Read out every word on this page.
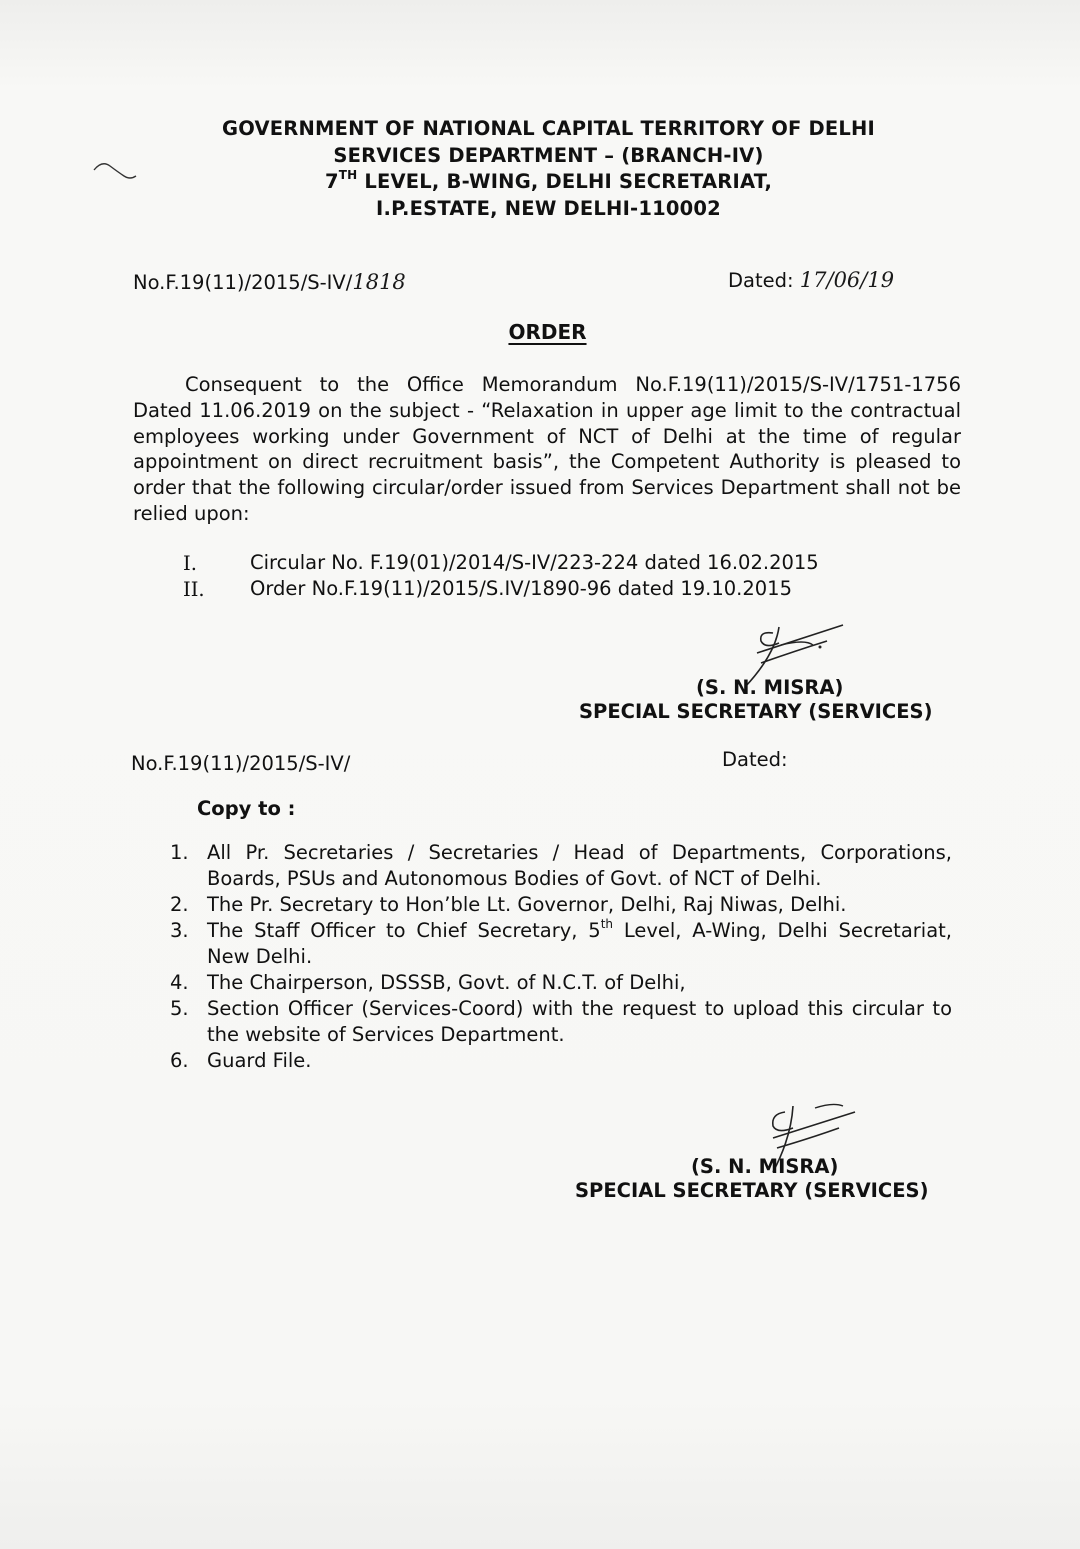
GOVERNMENT OF NATIONAL CAPITAL TERRITORY OF DELHI
SERVICES DEPARTMENT – (BRANCH-IV)
7TH LEVEL, B-WING, DELHI SECRETARIAT,
I.P.ESTATE, NEW DELHI-110002
No.F.19(11)/2015/S-IV/1818	Dated: 17/06/19
ORDER
Consequent to the Office Memorandum No.F.19(11)/2015/S-IV/1751-1756 Dated 11.06.2019 on the subject - “Relaxation in upper age limit to the contractual employees working under Government of NCT of Delhi at the time of regular appointment on direct recruitment basis”, the Competent Authority is pleased to order that the following circular/order issued from Services Department shall not be relied upon:
I.	Circular No. F.19(01)/2014/S-IV/223-224 dated 16.02.2015
II. Order No.F.19(11)/2015/S.IV/1890-96 dated 19.10.2015
(S. N. MISRA)
SPECIAL SECRETARY (SERVICES)
No.F.19(11)/2015/S-IV/	Dated:
Copy to :
1. All Pr. Secretaries / Secretaries / Head of Departments, Corporations, Boards, PSUs and Autonomous Bodies of Govt. of NCT of Delhi.
2. The Pr. Secretary to Hon’ble Lt. Governor, Delhi, Raj Niwas, Delhi.
3. The Staff Officer to Chief Secretary, 5th Level, A-Wing, Delhi Secretariat, New Delhi.
4. The Chairperson, DSSSB, Govt. of N.C.T. of Delhi,
5. Section Officer (Services-Coord) with the request to upload this circular to the website of Services Department.
6. Guard File.
(S. N. MISRA)
SPECIAL SECRETARY (SERVICES)
